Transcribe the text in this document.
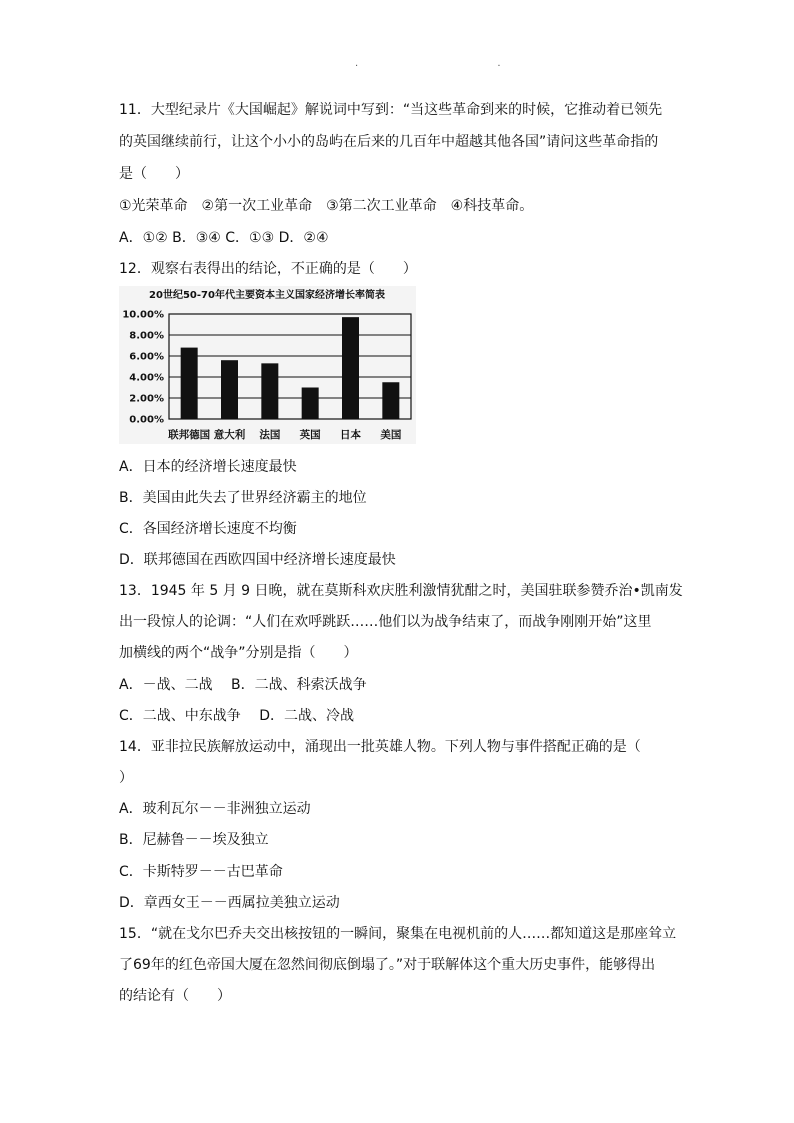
. .
11．大型纪录片《大国崛起》解说词中写到：“当这些革命到来的时候，它推动着已领先
的英国继续前行，让这个小小的岛屿在后来的几百年中超越其他各国”请问这些革命指的
是（　　）
①光荣革命　②第一次工业革命　③第二次工业革命　④科技革命。
A．①② B．③④ C．①③ D．②④
12．观察右表得出的结论，不正确的是（　　）
20世纪50-70年代主要资本主义国家经济增长率简表
10.00%
8.00%
6.00%
4.00%
2.00%
0.00%
联邦德国 意大利 法国 英国 日本 美国
A．日本的经济增长速度最快
B．美国由此失去了世界经济霸主的地位
C．各国经济增长速度不均衡
D．联邦德国在西欧四国中经济增长速度最快
13．1945 年 5 月 9 日晚，就在莫斯科欢庆胜利激情犹酣之时，美国驻联参赞乔治•凯南发
出一段惊人的论调：“人们在欢呼跳跃……他们以为战争结束了，而战争刚刚开始”这里
加横线的两个“战争”分别是指（　　）
A．－战、二战　 B．二战、科索沃战争
C．二战、中东战争　 D．二战、冷战
14．亚非拉民族解放运动中，涌现出一批英雄人物。下列人物与事件搭配正确的是（
）
A．玻利瓦尔－－非洲独立运动
B．尼赫鲁－－埃及独立
C．卡斯特罗－－古巴革命
D．章西女王－－西属拉美独立运动
15．“就在戈尔巴乔夫交出核按钮的一瞬间，聚集在电视机前的人……都知道这是那座耸立
了69年的红色帝国大厦在忽然间彻底倒塌了。”对于联解体这个重大历史事件，能够得出
的结论有（　　）
